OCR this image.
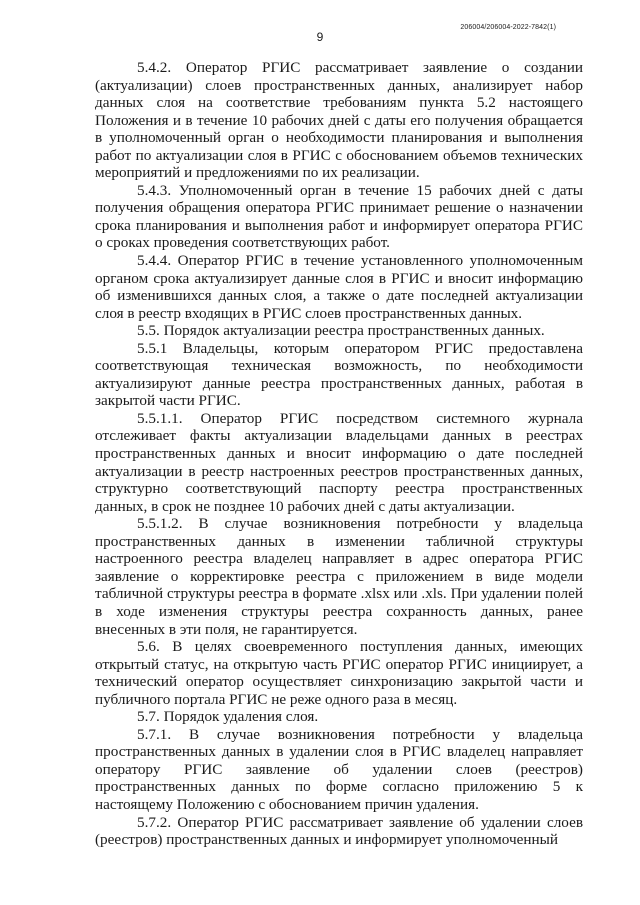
206004/206004-2022-7842(1)
9

5.4.2. Оператор РГИС рассматривает заявление о создании (актуализации) слоев пространственных данных, анализирует набор данных слоя на соответствие требованиям пункта 5.2 настоящего Положения и в течение 10 рабочих дней с даты его получения обращается в уполномоченный орган о необходимости планирования и выполнения работ по актуализации слоя в РГИС с обоснованием объемов технических мероприятий и предложениями по их реализации.

5.4.3. Уполномоченный орган в течение 15 рабочих дней с даты получения обращения оператора РГИС принимает решение о назначении срока планирования и выполнения работ и информирует оператора РГИС о сроках проведения соответствующих работ.

5.4.4. Оператор РГИС в течение установленного уполномоченным органом срока актуализирует данные слоя в РГИС и вносит информацию об изменившихся данных слоя, а также о дате последней актуализации слоя в реестр входящих в РГИС слоев пространственных данных.

5.5. Порядок актуализации реестра пространственных данных.

5.5.1 Владельцы, которым оператором РГИС предоставлена соответствующая техническая возможность, по необходимости актуализируют данные реестра пространственных данных, работая в закрытой части РГИС.

5.5.1.1. Оператор РГИС посредством системного журнала отслеживает факты актуализации владельцами данных в реестрах пространственных данных и вносит информацию о дате последней актуализации в реестр настроенных реестров пространственных данных, структурно соответствующий паспорту реестра пространственных данных, в срок не позднее 10 рабочих дней с даты актуализации.

5.5.1.2. В случае возникновения потребности у владельца пространственных данных в изменении табличной структуры настроенного реестра владелец направляет в адрес оператора РГИС заявление о корректировке реестра с приложением в виде модели табличной структуры реестра в формате .xlsx или .xls. При удалении полей в ходе изменения структуры реестра сохранность данных, ранее внесенных в эти поля, не гарантируется.

5.6. В целях своевременного поступления данных, имеющих открытый статус, на открытую часть РГИС оператор РГИС инициирует, а технический оператор осуществляет синхронизацию закрытой части и публичного портала РГИС не реже одного раза в месяц.

5.7. Порядок удаления слоя.

5.7.1. В случае возникновения потребности у владельца пространственных данных в удалении слоя в РГИС владелец направляет оператору РГИС заявление об удалении слоев (реестров) пространственных данных по форме согласно приложению 5 к настоящему Положению с обоснованием причин удаления.

5.7.2. Оператор РГИС рассматривает заявление об удалении слоев (реестров) пространственных данных и информирует уполномоченный
